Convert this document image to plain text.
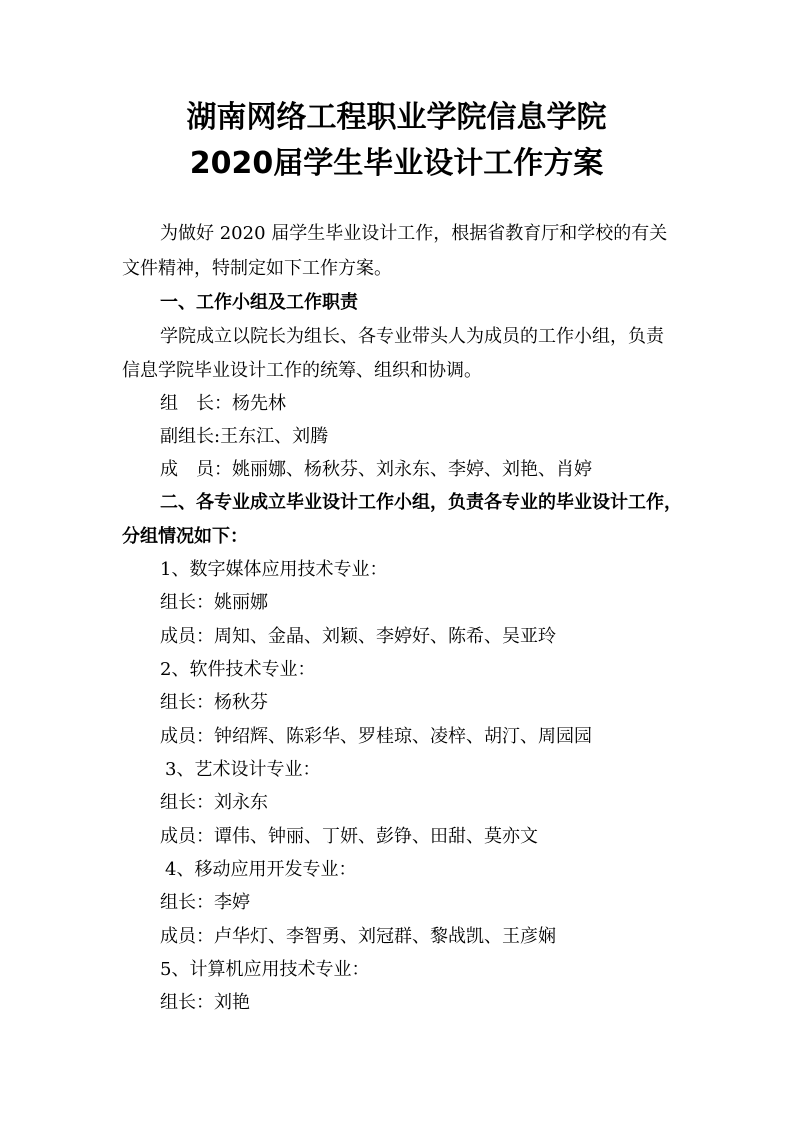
湖南网络工程职业学院信息学院
2020届学生毕业设计工作方案
为做好 2020 届学生毕业设计工作，根据省教育厅和学校的有关
文件精神，特制定如下工作方案。
一、工作小组及工作职责
学院成立以院长为组长、各专业带头人为成员的工作小组，负责
信息学院毕业设计工作的统筹、组织和协调。
组　长：杨先林
副组长:王东江、刘腾
成　员：姚丽娜、杨秋芬、刘永东、李婷、刘艳、肖婷
二、各专业成立毕业设计工作小组，负责各专业的毕业设计工作，
分组情况如下：
1、数字媒体应用技术专业：
组长：姚丽娜
成员：周知、金晶、刘颖、李婷好、陈希、吴亚玲
2、软件技术专业：
组长：杨秋芬
成员：钟绍辉、陈彩华、罗桂琼、凌梓、胡汀、周园园
3、艺术设计专业：
组长：刘永东
成员：谭伟、钟丽、丁妍、彭铮、田甜、莫亦文
4、移动应用开发专业：
组长：李婷
成员：卢华灯、李智勇、刘冠群、黎战凯、王彦娴
5、计算机应用技术专业：
组长：刘艳
